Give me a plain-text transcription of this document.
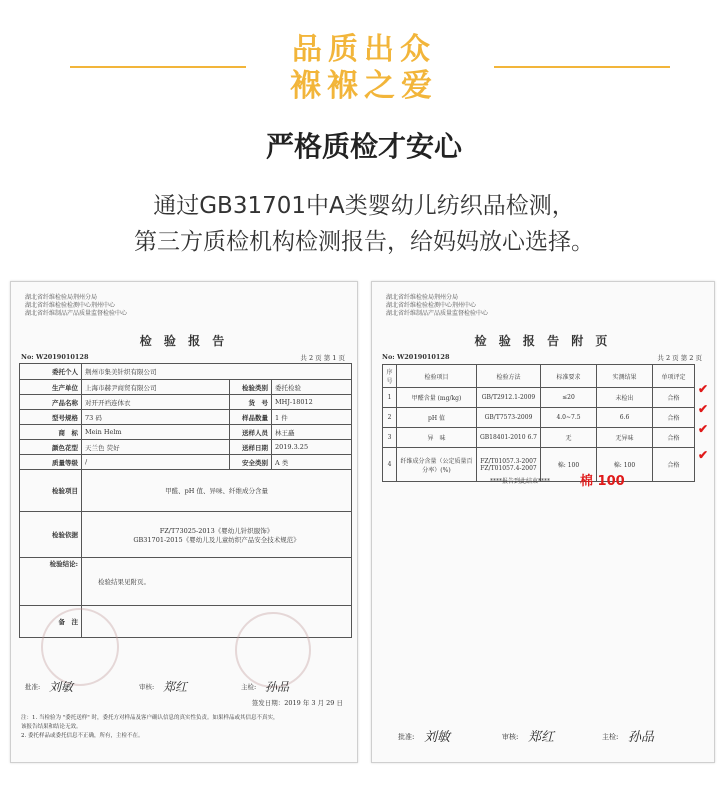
品质出众
褓褓之爱
严格质检才安心
通过GB31701中A类婴幼儿纺织品检测，
第三方质检机构检测报告，给妈妈放心选择。
湖北省纤维检验局荆州分局
湖北省纤维检验检测中心荆州中心
湖北省纤维制品产品质量监督检验中心
检 验 报 告
No: W2019010128	共 2 页 第 1 页
委托个人	荆州市集美针织有限公司		
生产单位	上海市赫尹商贸有限公司	检验类别	委托检验
产品名称	对开开裆连体衣	货　号	MHJ-18012
型号规格	73 码	样品数量	1 件
商　标	Mein Helm	送样人员	林王矗
颜色花型	天兰色 荧好	送样日期	2019.3.25
质量等级	/	安全类别	A 类
检验项目	甲醛、pH 值、异味、纤维成分含量		
检验依据	FZ/T73025-2013《婴幼儿针织服饰》
GB31701-2015《婴幼儿及儿童纺织产品安全技术规范》		

检验结论:	检验结果见附页。		
备　注			
批准: 刘敏	审核: 郑红	主检: 孙品
签发日期：2019 年 3 月 29 日
注：1. 当检验为 "委托送样" 时，委托方对样品及客户确认信息的真实性负责。如果样品或其信息不真实，
该报告结果和结论无效。
2. 委托样品或委托信息不正确，所有，主检不在。
湖北省纤维检验局荆州分局
湖北省纤维检验检测中心荆州中心
湖北省纤维制品产品质量监督检验中心
检 验 报 告 附 页
No: W2019010128	共 2 页 第 2 页
序号	检验项目	检验方法	标准要求	实测结果	单项评定
1	甲醛含量 (mg/kg)	GB/T2912.1-2009	≤20	未检出	合格
2	pH 值	GB/T7573-2009	4.0~7.5	6.6	合格
3	异　味	GB18401-2010 6.7	无	无异味	合格
4	纤维成分含量（公定质量百分率）(%)	FZ/T01057.3-2007 FZ/T01057.4-2007	棉: 100	棉: 100	合格
✔
✔
✔
✔
****报告到此结束**** 棉 100
批准: 刘敏	审核: 郑红	主检: 孙品
